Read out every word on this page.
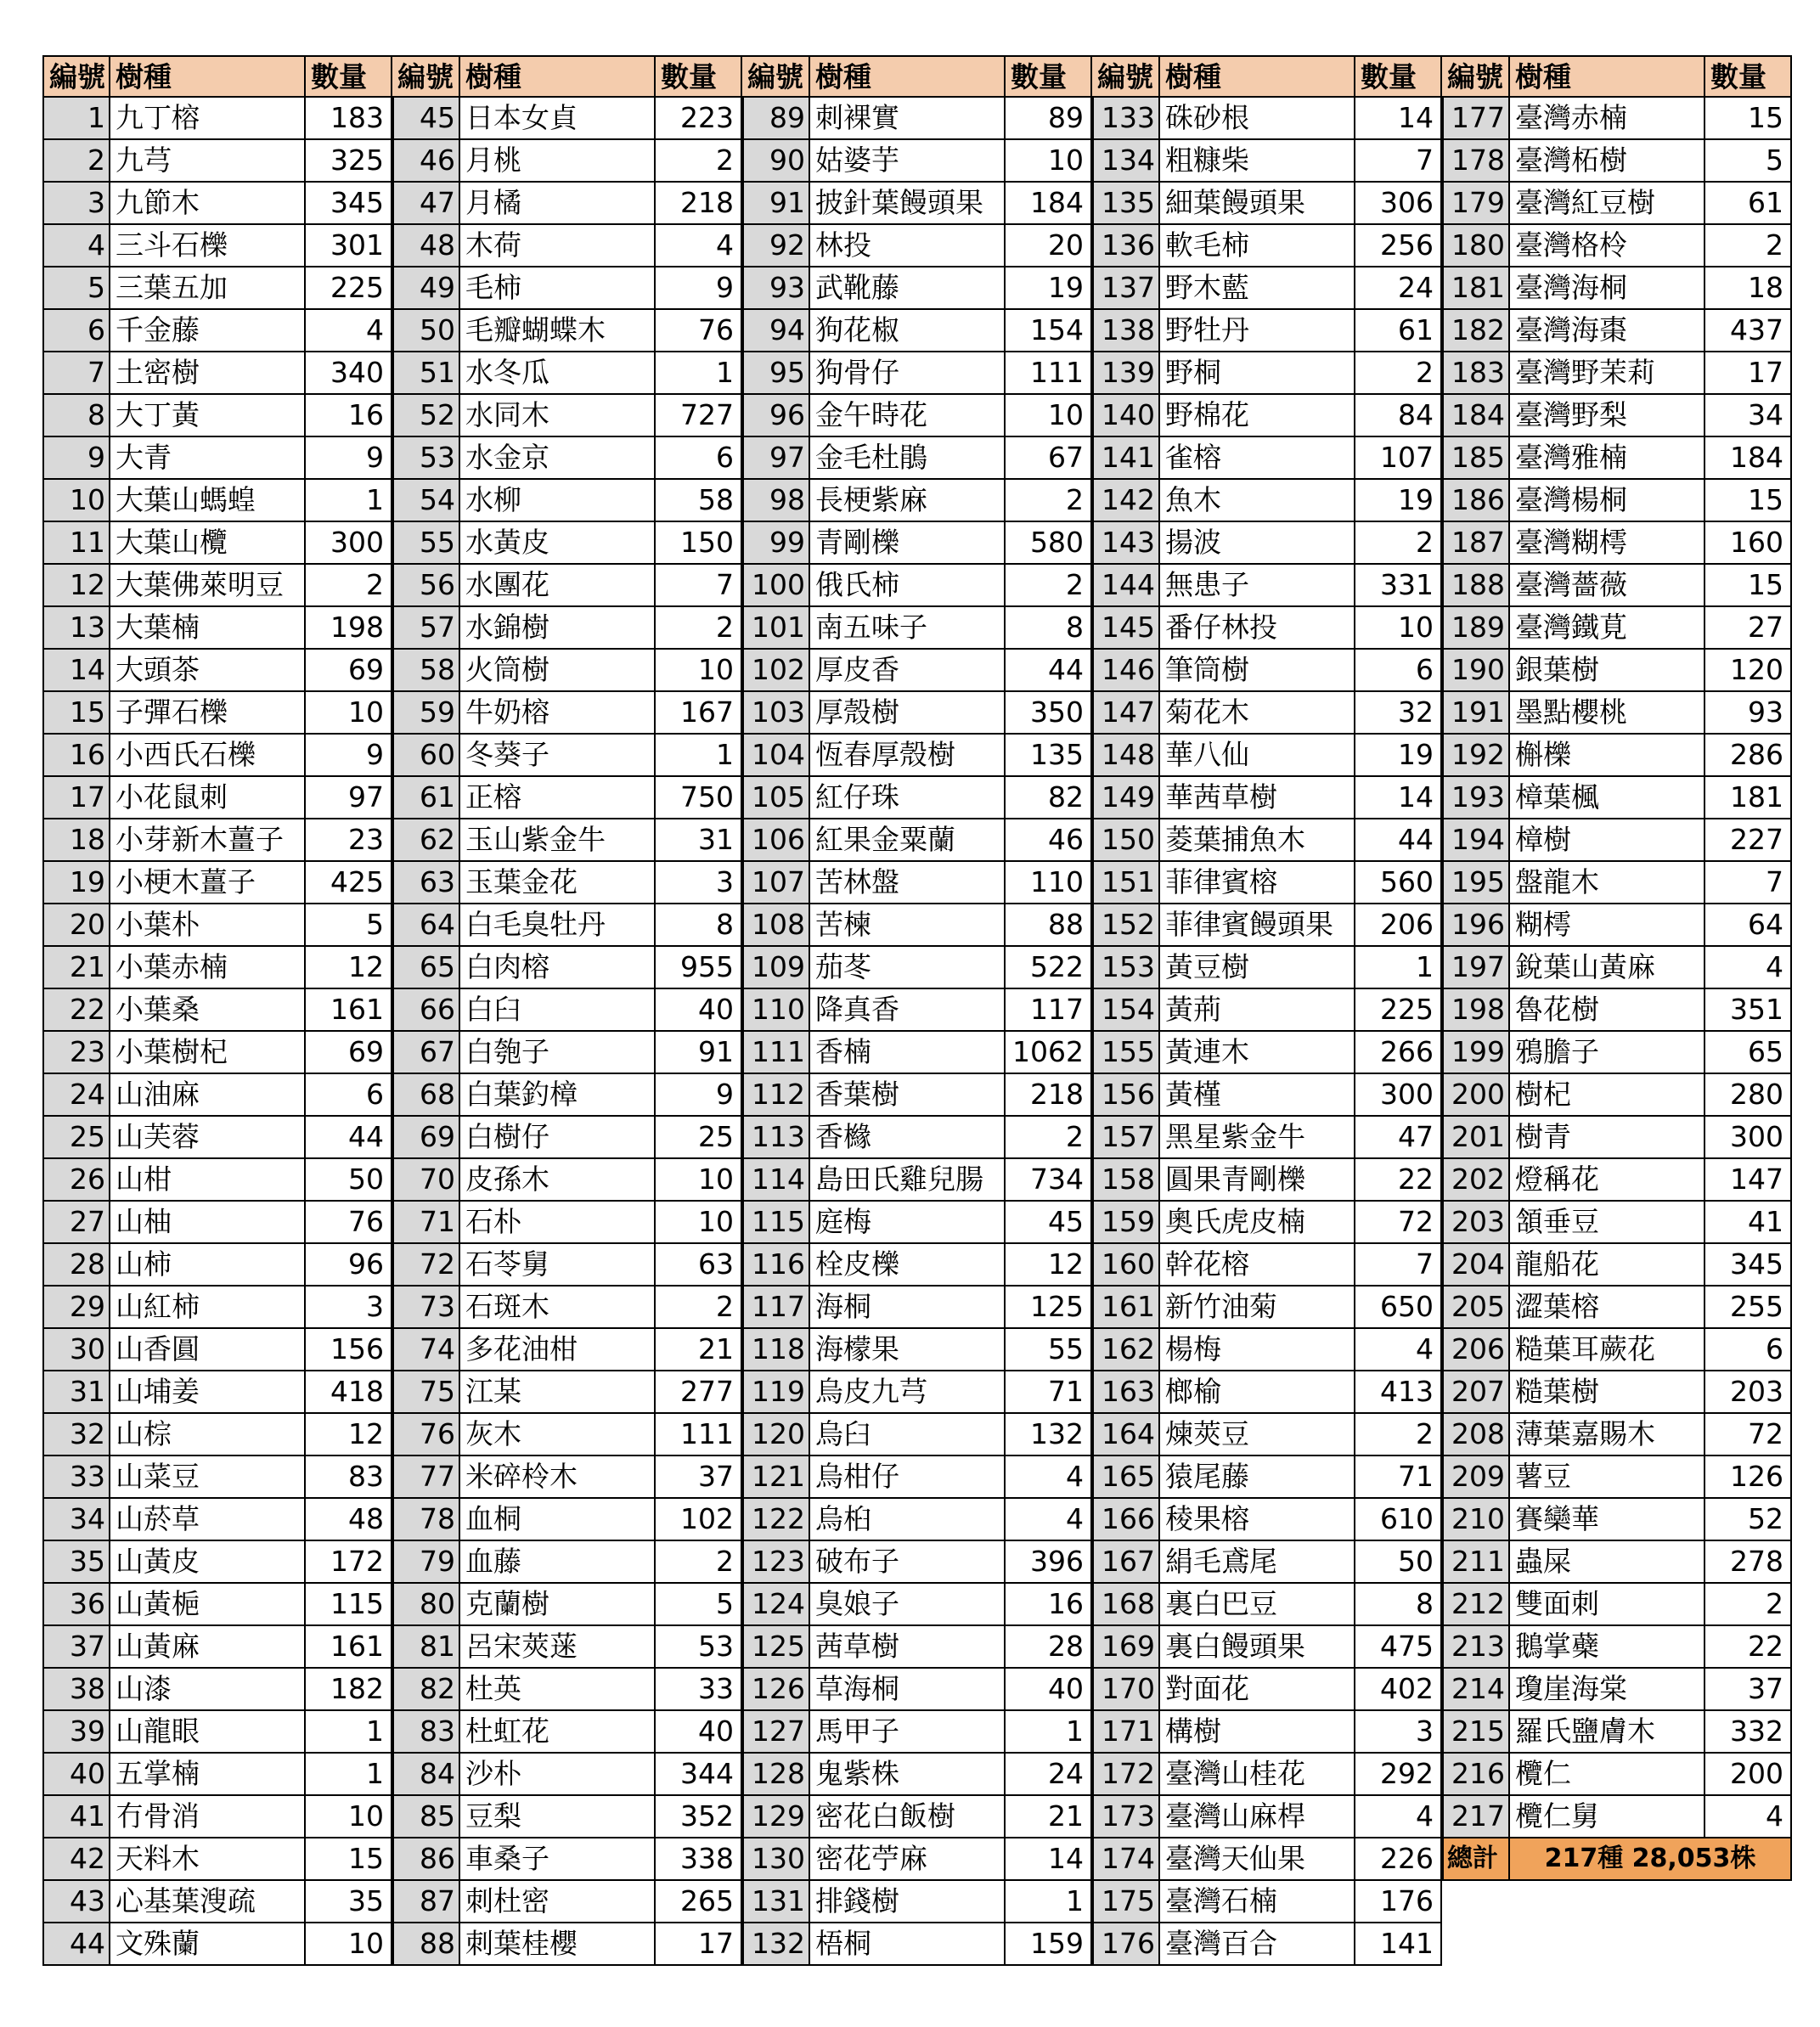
編號 樹種	數量
1 九丁榕	183
2 九芎	325
3 九節木	345
4 三斗石櫟	301
5 三葉五加	225
6 千金藤	4
7 土密樹	340
8 大丁黃	16
9 大青	9
10 大葉山螞蝗	1
11 大葉山欖	300
12 大葉佛萊明豆	2
13 大葉楠	198
14 大頭茶	69
15 子彈石櫟	10
16 小西氏石櫟	9
17 小花鼠刺	97
18 小芽新木薑子	23
19 小梗木薑子	425
20 小葉朴	5
21 小葉赤楠	12
22 小葉桑	161
23 小葉樹杞	69
24 山油麻	6
25 山芙蓉	44
26 山柑	50
27 山柚	76
28 山柿	96
29 山紅柿	3
30 山香圓	156
31 山埔姜	418
32 山棕	12
33 山菜豆	83
34 山菸草	48
35 山黃皮	172
36 山黃梔	115
37 山黃麻	161
38 山漆	182
39 山龍眼	1
40 五掌楠	1
41 冇骨消	10
42 天料木	15
43 心基葉溲疏	35
44 文殊蘭	10
編號 樹種	數量
45 日本女貞	223
46 月桃	2
47 月橘	218
48 木荷	4
49 毛柿	9
50 毛瓣蝴蝶木	76
51 水冬瓜	1
52 水同木	727
53 水金京	6
54 水柳	58
55 水黃皮	150
56 水團花	7
57 水錦樹	2
58 火筒樹	10
59 牛奶榕	167
60 冬葵子	1
61 正榕	750
62 玉山紫金牛	31
63 玉葉金花	3
64 白毛臭牡丹	8
65 白肉榕	955
66 白臼	40
67 白匏子	91
68 白葉釣樟	9
69 白樹仔	25
70 皮孫木	10
71 石朴	10
72 石苓舅	63
73 石斑木	2
74 多花油柑	21
75 江某	277
76 灰木	111
77 米碎柃木	37
78 血桐	102
79 血藤	2
80 克蘭樹	5
81 呂宋莢蒾	53
82 杜英	33
83 杜虹花	40
84 沙朴	344
85 豆梨	352
86 車桑子	338
87 刺杜密	265
88 刺葉桂櫻	17
編號 樹種	數量
89 刺裸實	89
90 姑婆芋	10
91 披針葉饅頭果	184
92 林投	20
93 武靴藤	19
94 狗花椒	154
95 狗骨仔	111
96 金午時花	10
97 金毛杜鵑	67
98 長梗紫麻	2
99 青剛櫟	580
100 俄氏柿	2
101 南五味子	8
102 厚皮香	44
103 厚殼樹	350
104 恆春厚殼樹	135
105 紅仔珠	82
106 紅果金粟蘭	46
107 苦林盤	110
108 苦楝	88
109 茄苳	522
110 降真香	117
111 香楠	1062
112 香葉樹	218
113 香櫞	2
114 島田氏雞兒腸	734
115 庭梅	45
116 栓皮櫟	12
117 海桐	125
118 海檬果	55
119 烏皮九芎	71
120 烏臼	132
121 烏柑仔	4
122 烏桕	4
123 破布子	396
124 臭娘子	16
125 茜草樹	28
126 草海桐	40
127 馬甲子	1
128 鬼紫株	24
129 密花白飯樹	21
130 密花苧麻	14
131 排錢樹	1
132 梧桐	159
編號 樹種	數量
133 硃砂根	14
134 粗糠柴	7
135 細葉饅頭果	306
136 軟毛柿	256
137 野木藍	24
138 野牡丹	61
139 野桐	2
140 野棉花	84
141 雀榕	107
142 魚木	19
143 揚波	2
144 無患子	331
145 番仔林投	10
146 筆筒樹	6
147 菊花木	32
148 華八仙	19
149 華茜草樹	14
150 菱葉捕魚木	44
151 菲律賓榕	560
152 菲律賓饅頭果	206
153 黃豆樹	1
154 黃荊	225
155 黃連木	266
156 黃槿	300
157 黑星紫金牛	47
158 圓果青剛櫟	22
159 奧氏虎皮楠	72
160 幹花榕	7
161 新竹油菊	650
162 楊梅	4
163 榔榆	413
164 煉莢豆	2
165 猿尾藤	71
166 稜果榕	610
167 絹毛鳶尾	50
168 裏白巴豆	8
169 裏白饅頭果	475
170 對面花	402
171 構樹	3
172 臺灣山桂花	292
173 臺灣山麻桿	4
174 臺灣天仙果	226
175 臺灣石楠	176
176 臺灣百合	141
編號 樹種	數量
177 臺灣赤楠	15
178 臺灣柘樹	5
179 臺灣紅豆樹	61
180 臺灣格柃	2
181 臺灣海桐	18
182 臺灣海棗	437
183 臺灣野茉莉	17
184 臺灣野梨	34
185 臺灣雅楠	184
186 臺灣楊桐	15
187 臺灣糊樗	160
188 臺灣薔薇	15
189 臺灣鐵莧	27
190 銀葉樹	120
191 墨點櫻桃	93
192 槲櫟	286
193 樟葉楓	181
194 樟樹	227
195 盤龍木	7
196 糊樗	64
197 銳葉山黃麻	4
198 魯花樹	351
199 鴉膽子	65
200 樹杞	280
201 樹青	300
202 燈稱花	147
203 頷垂豆	41
204 龍船花	345
205 澀葉榕	255
206 糙葉耳蕨花	6
207 糙葉樹	203
208 薄葉嘉賜木	72
209 薯豆	126
210 賽欒華	52
211 蟲屎	278
212 雙面刺	2
213 鵝掌蘗	22
214 瓊崖海棠	37
215 羅氏鹽膚木	332
216 欖仁	200
217 欖仁舅	4
總計	217種 28,053株
